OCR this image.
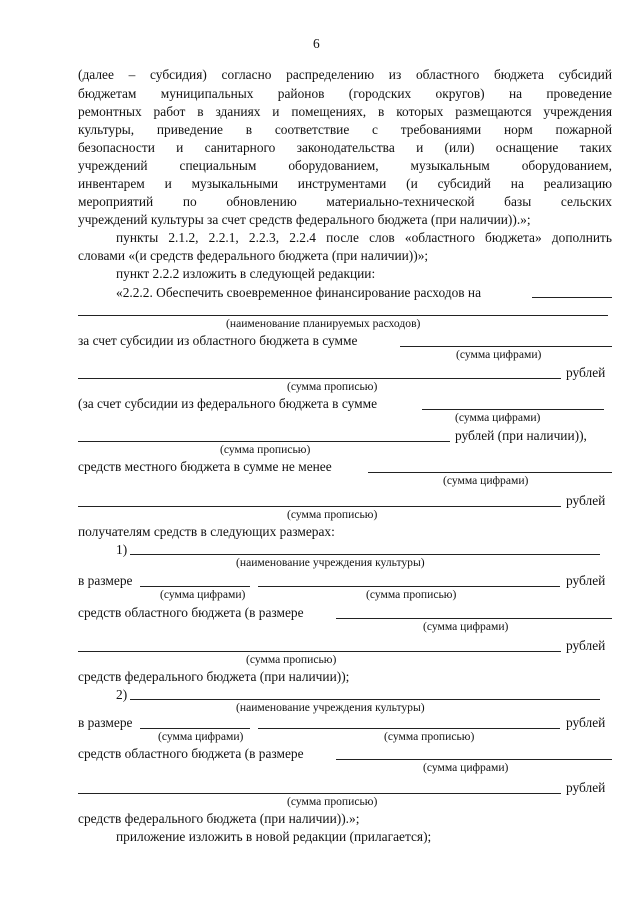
6
(далее – субсидия) согласно распределению из областного бюджета субсидий
бюджетам муниципальных районов (городских округов) на проведение
ремонтных работ в зданиях и помещениях, в которых размещаются учреждения
культуры, приведение в соответствие с требованиями норм пожарной
безопасности и санитарного законодательства и (или) оснащение таких
учреждений специальным оборудованием, музыкальным оборудованием,
инвентарем и музыкальными инструментами (и субсидий на реализацию
мероприятий по обновлению материально-технической базы сельских
учреждений культуры за счет средств федерального бюджета (при наличии)).»;
пункты 2.1.2, 2.2.1, 2.2.3, 2.2.4 после слов «областного бюджета» дополнить
словами «(и средств федерального бюджета (при наличии))»;
пункт 2.2.2 изложить в следующей редакции:
«2.2.2. Обеспечить своевременное финансирование расходов на
(наименование планируемых расходов)
за счет субсидии из областного бюджета в сумме
(сумма цифрами)
рублей
(сумма прописью)
(за счет субсидии из федерального бюджета в сумме
(сумма цифрами)
рублей (при наличии)),
(сумма прописью)
средств местного бюджета в сумме не менее
(сумма цифрами)
рублей
(сумма прописью)
получателям средств в следующих размерах:
1)
(наименование учреждения культуры)
в размере	рублей
(сумма цифрами)	(сумма прописью)
средств областного бюджета (в размере
(сумма цифрами)
рублей
(сумма прописью)
средств федерального бюджета (при наличии));
2)
(наименование учреждения культуры)
в размере	рублей
(сумма цифрами)	(сумма прописью)
средств областного бюджета (в размере
(сумма цифрами)
рублей
(сумма прописью)
средств федерального бюджета (при наличии)).»;
приложение изложить в новой редакции (прилагается);
